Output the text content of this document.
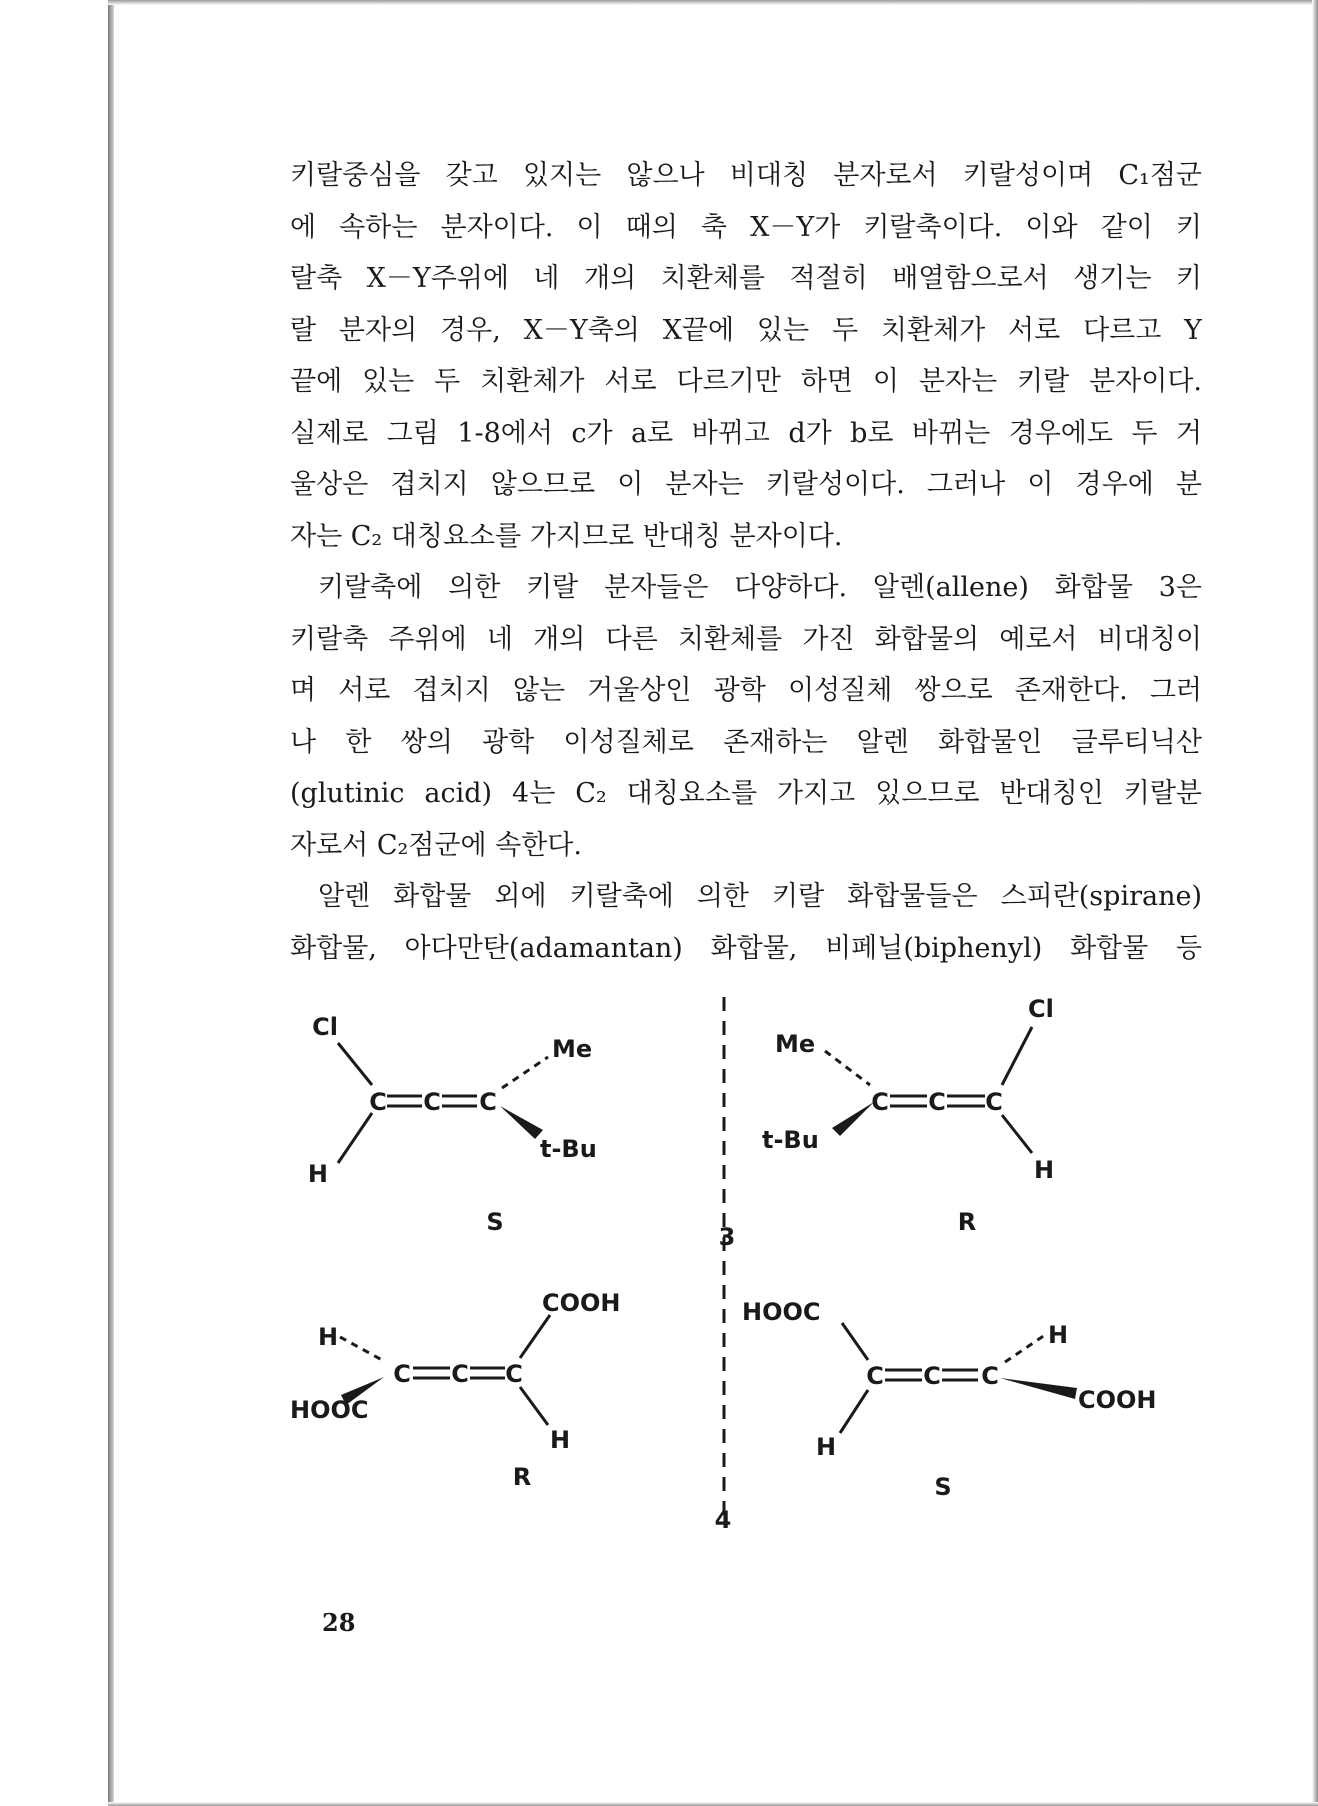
키랄중심을 갖고 있지는 않으나 비대칭 분자로서 키랄성이며 C₁점군
에 속하는 분자이다. 이 때의 축 X－Y가 키랄축이다. 이와 같이 키
랄축 X－Y주위에 네 개의 치환체를 적절히 배열함으로서 생기는 키
랄 분자의 경우, X－Y축의 X끝에 있는 두 치환체가 서로 다르고 Y
끝에 있는 두 치환체가 서로 다르기만 하면 이 분자는 키랄 분자이다.
실제로 그림 1-8에서 c가 a로 바뀌고 d가 b로 바뀌는 경우에도 두 거
울상은 겹치지 않으므로 이 분자는 키랄성이다. 그러나 이 경우에 분
자는 C₂ 대칭요소를 가지므로 반대칭 분자이다.
키랄축에 의한 키랄 분자들은 다양하다. 알렌(allene) 화합물 3은
키랄축 주위에 네 개의 다른 치환체를 가진 화합물의 예로서 비대칭이
며 서로 겹치지 않는 거울상인 광학 이성질체 쌍으로 존재한다. 그러
나 한 쌍의 광학 이성질체로 존재하는 알렌 화합물인 글루티닉산
(glutinic acid) 4는 C₂ 대칭요소를 가지고 있으므로 반대칭인 키랄분
자로서 C₂점군에 속한다.
알렌 화합물 외에 키랄축에 의한 키랄 화합물들은 스피란(spirane)
화합물, 아다만탄(adamantan) 화합물, 비페닐(biphenyl) 화합물 등
Cl
H
C C C
Me
t-Bu
S
3
Me
t-Bu
C C C
Cl
H
R
H
HOOC
C C C
COOH
H
R
4
HOOC
H
C C C
H
COOH
S
28
